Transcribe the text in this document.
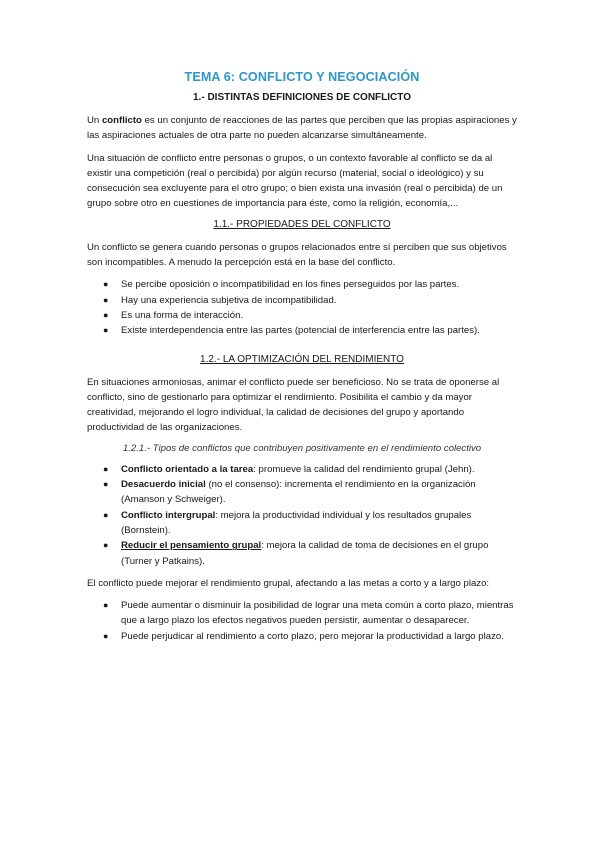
TEMA 6: CONFLICTO Y NEGOCIACIÓN
1.- DISTINTAS DEFINICIONES DE CONFLICTO

Un conflicto es un conjunto de reacciones de las partes que perciben que las propias aspiraciones y las aspiraciones actuales de otra parte no pueden alcanzarse simultáneamente.

Una situación de conflicto entre personas o grupos, o un contexto favorable al conflicto se da al existir una competición (real o percibida) por algún recurso (material, social o ideológico) y su consecución sea excluyente para el otro grupo; o bien exista una invasión (real o percibida) de un grupo sobre otro en cuestiones de importancia para éste, como la religión, economía,...

1.1.- PROPIEDADES DEL CONFLICTO

Un conflicto se genera cuando personas o grupos relacionados entre sí perciben que sus objetivos son incompatibles. A menudo la percepción está en la base del conflicto.

● Se percibe oposición o incompatibilidad en los fines perseguidos por las partes.
● Hay una experiencia subjetiva de incompatibilidad.
● Es una forma de interacción.
● Existe interdependencia entre las partes (potencial de interferencia entre las partes).
1.2.- LA OPTIMIZACIÓN DEL RENDIMIENTO

En situaciones armoniosas, animar el conflicto puede ser beneficioso. No se trata de oponerse al conflicto, sino de gestionarlo para optimizar el rendimiento. Posibilita el cambio y da mayor creatividad, mejorando el logro individual, la calidad de decisiones del grupo y aportando productividad de las organizaciones.

1.2.1.- Tipos de conflictos que contribuyen positivamente en el rendimiento colectivo
● Conflicto orientado a la tarea: promueve la calidad del rendimiento grupal (Jehn).
● Desacuerdo inicial (no el consenso): incrementa el rendimiento en la organización (Amanson y Schweiger).
● Conflicto intergrupal: mejora la productividad individual y los resultados grupales (Bornstein).
● Reducir el pensamiento grupal: mejora la calidad de toma de decisiones en el grupo (Turner y Patkains).

El conflicto puede mejorar el rendimiento grupal, afectando a las metas a corto y a largo plazo:

● Puede aumentar o disminuir la posibilidad de lograr una meta común a corto plazo, mientras que a largo plazo los efectos negativos pueden persistir, aumentar o desaparecer.
● Puede perjudicar al rendimiento a corto plazo, pero mejorar la productividad a largo plazo.
